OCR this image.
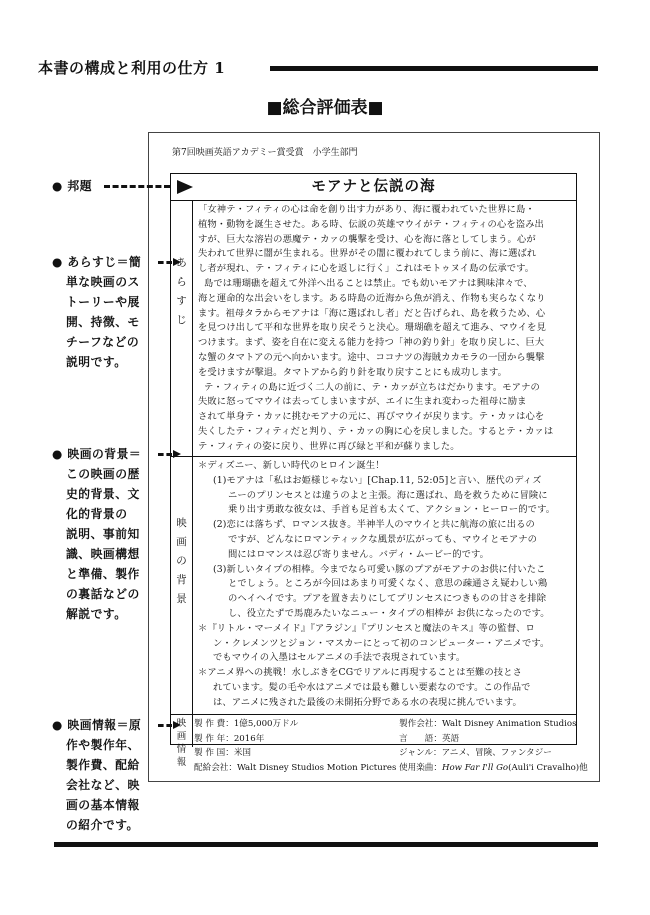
本書の構成と利用の仕方 1
■総合評価表■
第7回映画英語アカデミー賞受賞　小学生部門
モアナと伝説の海
あ
ら
す
じ
「女神テ・フィティの心は命を創り出す力があり、海に覆われていた世界に島・
植物・動物を誕生させた。ある時、伝説の英雄マウイがテ・フィティの心を盗み出
すが、巨大な溶岩の悪魔テ・カァの襲撃を受け、心を海に落としてしまう。心が
失われて世界に闇が生まれる。世界がその闇に覆われてしまう前に、海に選ばれ
し者が現れ、テ・フィティに心を返しに行く」これはモトゥヌイ島の伝承です。
島では珊瑚礁を超えて外洋へ出ることは禁止。でも幼いモアナは興味津々で、
海と運命的な出会いをします。ある時島の近海から魚が消え、作物も実らなくなり
ます。祖母タラからモアナは「海に選ばれし者」だと告げられ、島を救うため、心
を見つけ出して平和な世界を取り戻そうと決心。珊瑚礁を超えて進み、マウイを見
つけます。まず、姿を自在に変える能力を持つ「神の釣り針」を取り戻しに、巨大
な蟹のタマトアの元へ向かいます。途中、ココナツの海賊カカモラの一団から襲撃
を受けますが撃退。タマトアから釣り針を取り戻すことにも成功します。
テ・フィティの島に近づく二人の前に、テ・カァが立ちはだかります。モアナの
失敗に怒ってマウイは去ってしまいますが、エイに生まれ変わった祖母に励ま
されて単身テ・カァに挑むモアナの元に、再びマウイが戻ります。テ・カァは心を
失くしたテ・フィティだと判り、テ・カァの胸に心を戻しました。するとテ・カァは
テ・フィティの姿に戻り、世界に再び緑と平和が蘇りました。
映
画
の
背
景
＊ディズニー、新しい時代のヒロイン誕生！
(1)モアナは「私はお姫様じゃない」[Chap.11, 52:05]と言い、歴代のディズ
ニーのプリンセスとは違うのよと主張。海に選ばれ、島を救うために冒険に
乗り出す勇敢な彼女は、手首も足首も太くて、アクション・ヒーロー的です。
(2)恋には落ちず、ロマンス抜き。半神半人のマウイと共に航海の旅に出るの
ですが、どんなにロマンティックな風景が広がっても、マウイとモアナの
間にはロマンスは忍び寄りません。バディ・ムービー的です。
(3)新しいタイプの相棒。今までなら可愛い豚のプアがモアナのお供に付いたこ
とでしょう。ところが今回はあまり可愛くなく、意思の疎通さえ疑わしい鶏
のヘイヘイです。プアを置き去りにしてプリンセスにつきものの甘さを排除
し、役立たずで馬鹿みたいなニュー・タイプの相棒が お供になったのです。
＊『リトル・マーメイド』『アラジン』『プリンセスと魔法のキス』等の監督、ロ
ン・クレメンツとジョン・マスカーにとって初のコンピューター・アニメです。
でもマウイの入墨はセルアニメの手法で表現されています。
＊アニメ界への挑戦！水しぶきをCGでリアルに再現することは至難の技とさ
れています。髪の毛や水はアニメでは最も難しい要素なのです。この作品で
は、アニメに残された最後の未開拓分野である水の表現に挑んでいます。
映
画
情
報
製 作 費：1億5,000万ドル	製作会社：Walt Disney Animation Studios
製 作 年：2016年	言　　語：英語
製 作 国：米国	ジャンル：アニメ、冒険、ファンタジー
配給会社：Walt Disney Studios Motion Pictures 使用楽曲：How Far I'll Go(Auli'i Cravalho)他
● 邦題
● あらすじ＝簡
単な映画のス
トーリーや展
開、持徴、モ
チーフなどの
説明です。
● 映画の背景＝
この映画の歴
史的背景、文
化的背景の
説明、事前知
識、映画構想
と準備、製作
の裏話などの
解説です。
● 映画情報＝原
作や製作年、
製作費、配給
会社など、映
画の基本情報
の紹介です。
